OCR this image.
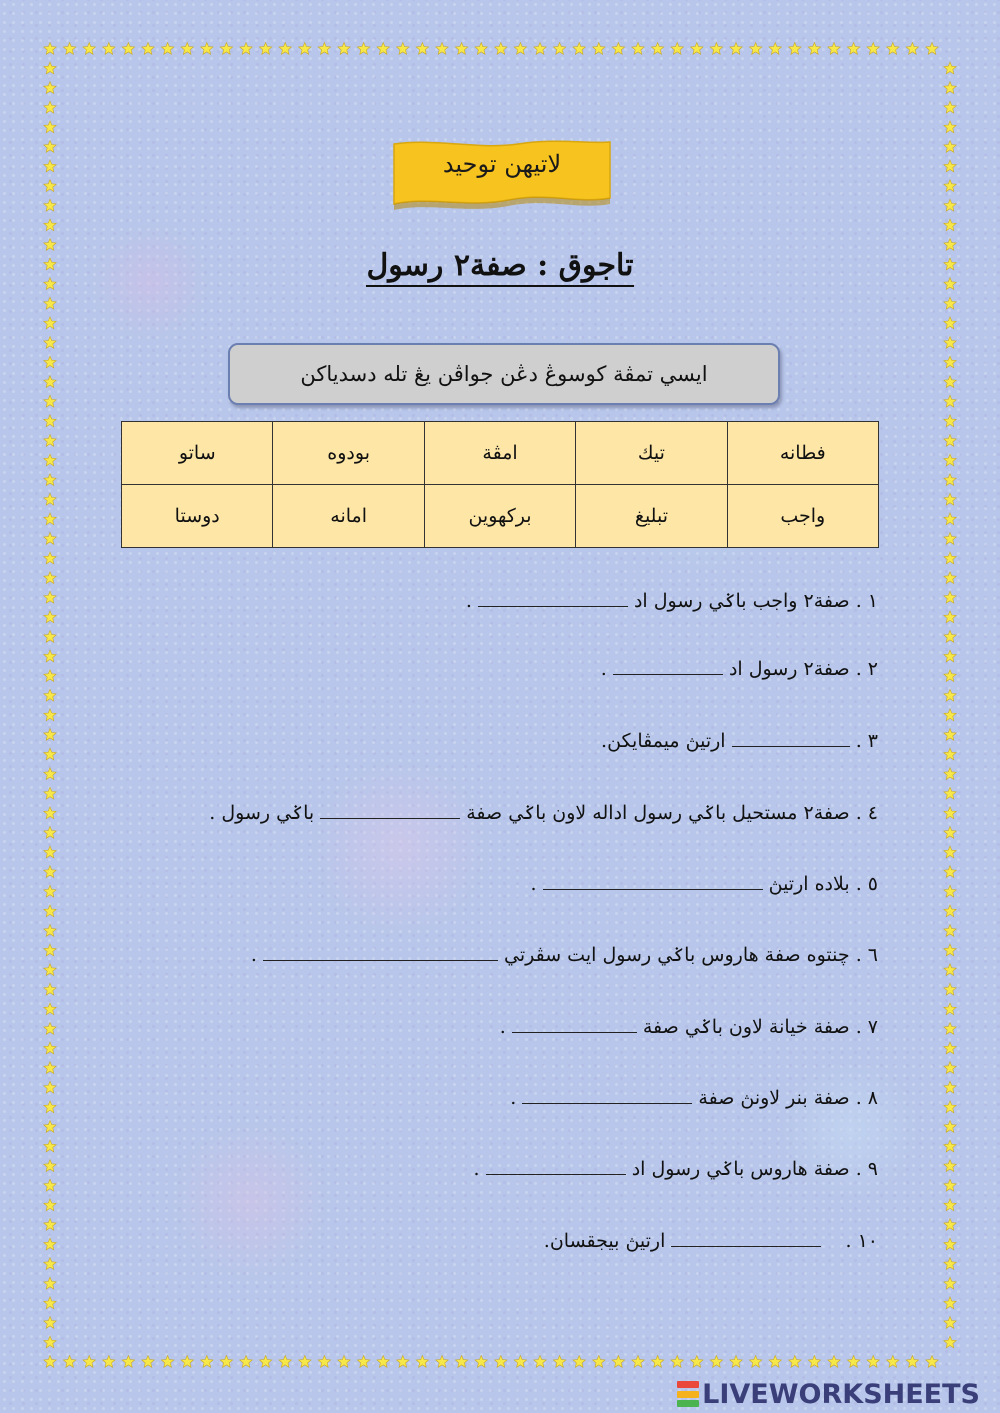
لاتيهن توحيد
تاجوق : صفة٢ رسول
ايسي تمڤة كوسوڠ دڠن جواڤن يڠ تله دسدياكن
فطانه	تيك	امڤة	بودوه	ساتو
واجب	تبليغ	برکهوين	امانه	دوستا
١ . صفة٢ واجب باݢي رسول اد  .
٢ . صفة٢ رسول اد  .
٣ .  ارتيڽ ميمڤايكن.
٤ . صفة٢ مستحيل باݢي رسول اداله لاون باݢي صفة  باݢي رسول .
٥ . بلاده ارتيڽ  .
٦ . چنتوه صفة هاروس باݢي رسول ايت سڤرتي  .
٧ . صفة خيانة لاون باݢي صفة  .
٨ . صفة بنر لاونڽ صفة  .
٩ . صفة هاروس باݢي رسول اد  .
١٠ .  ارتيڽ بيجقسان.
LIVEWORKSHEETS
